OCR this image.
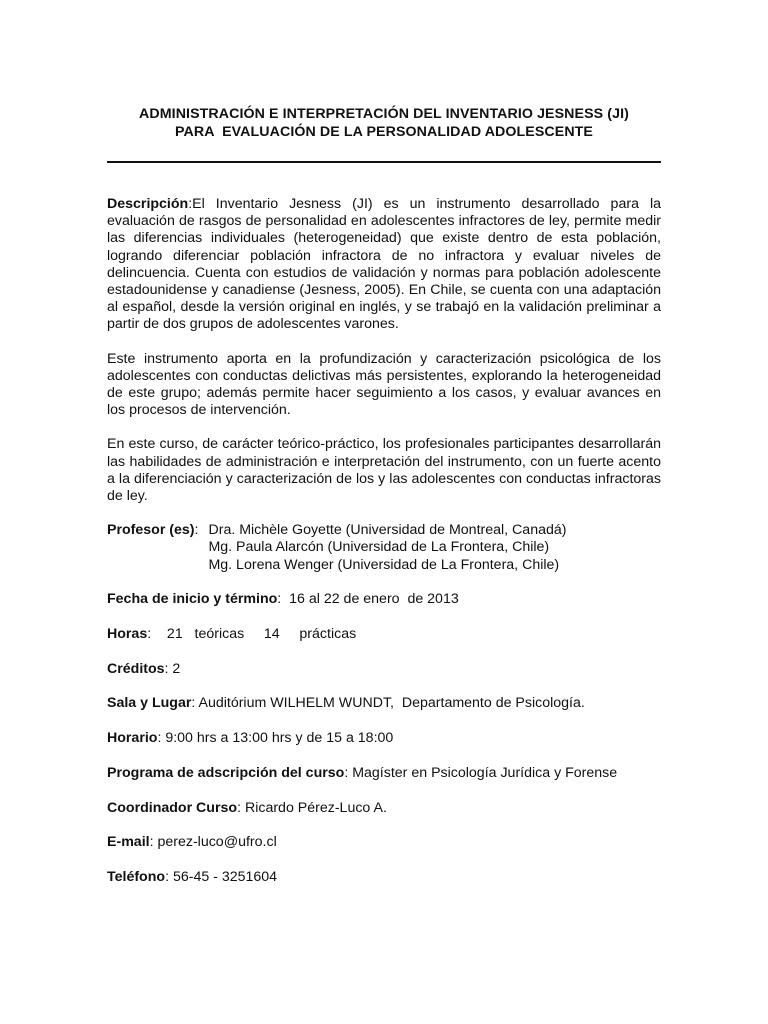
ADMINISTRACIÓN E INTERPRETACIÓN DEL INVENTARIO JESNESS (JI)
PARA  EVALUACIÓN DE LA PERSONALIDAD ADOLESCENTE

Descripción:El Inventario Jesness (JI) es un instrumento desarrollado para la evaluación de rasgos de personalidad en adolescentes infractores de ley, permite medir las diferencias individuales (heterogeneidad) que existe dentro de esta población, logrando diferenciar población infractora de no infractora y evaluar niveles de delincuencia. Cuenta con estudios de validación y normas para población adolescente estadounidense y canadiense (Jesness, 2005). En Chile, se cuenta con una adaptación al español, desde la versión original en inglés, y se trabajó en la validación preliminar a partir de dos grupos de adolescentes varones.

Este instrumento aporta en la profundización y caracterización psicológica de los adolescentes con conductas delictivas más persistentes, explorando la heterogeneidad de este grupo; además permite hacer seguimiento a los casos, y evaluar avances en los procesos de intervención.

En este curso, de carácter teórico-práctico, los profesionales participantes desarrollarán las habilidades de administración e interpretación del instrumento, con un fuerte acento a la diferenciación y caracterización de los y las adolescentes con conductas infractoras de ley.

Profesor (es): Dra. Michèle Goyette (Universidad de Montreal, Canadá)
Mg. Paula Alarcón (Universidad de La Frontera, Chile)
Mg. Lorena Wenger (Universidad de La Frontera, Chile)
Fecha de inicio y término:  16 al 22 de enero  de 2013
Horas:    21   teóricas     14     prácticas
Créditos: 2
Sala y Lugar: Auditórium WILHELM WUNDT,  Departamento de Psicología.
Horario: 9:00 hrs a 13:00 hrs y de 15 a 18:00
Programa de adscripción del curso: Magíster en Psicología Jurídica y Forense
Coordinador Curso: Ricardo Pérez-Luco A.
E-mail: perez-luco@ufro.cl
Teléfono: 56-45 - 3251604
